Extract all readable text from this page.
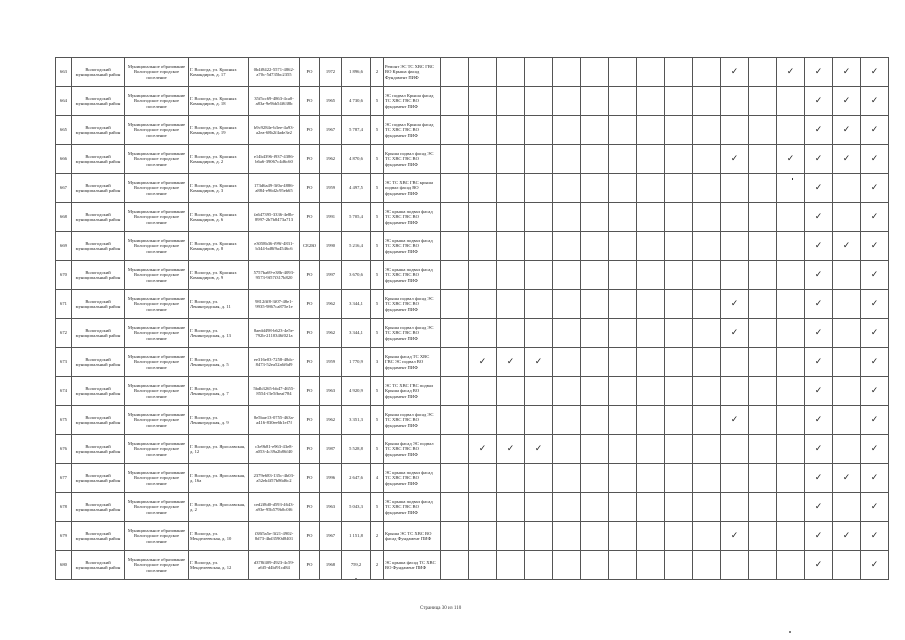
663	Вологодский муниципальный район	Муниципальное образование Вологодское городское поселение	Г. Вологда, ул. Красных Командиров, д. 17	0b4f8422-5571-4862-a70c-5d735bc2355	РО	1972	1 896,6	2	Ремонт ЭС ТС ХВС ГВС ВО Крыша фасад Фундамент ПИФ											✓		✓	✓	✓	✓
664	Вологодский муниципальный район	Муниципальное образование Вологодское городское поселение	Г. Вологда, ул. Красных Командиров, д. 18	35f5cc69-4863-4ca0-a83a-9e9bb54f638b	РО	1965	4 730,6	5	ЭС подвал Крыша фасад ТС ХВС ГВС ВО фундамент ПИФ														✓	✓	✓
665	Вологодский муниципальный район	Муниципальное образование Вологодское городское поселение	Г. Вологда, ул. Красных Командиров, д. 19	b9c9284e-b3ee-4a93-a2ea-68b2f4ade3e2	РО	1967	5 787,4	5	ЭС подвал Крыша фасад ТС ХВС ГВС ВО фундамент ПИФ														✓	✓	✓
666	Вологодский муниципальный район	Муниципальное образование Вологодское городское поселение	Г. Вологда, ул. Красных Командиров, д. 2	e14b4396-f937-4386-b6a6-39067c4d6c60	РО	1962	4 870,6	5	Крыша подвал фасад ЭС ТС ХВС ГВС ВО фундамент ПИФ											✓		✓	✓	✓	✓
667	Вологодский муниципальный район	Муниципальное образование Вологодское городское поселение	Г. Вологда, ул. Красных Командиров, д. 3	173d6a49-3f0a-4886-a884-e96d2c95eb65	РО	1959	4 497,5	5	ЭС ТС ХВС ГВС крыша подвал фасад ВО фундамент ПИФ														✓		✓
668	Вологодский муниципальный район	Муниципальное образование Вологодское городское поселение	Г. Вологда, ул. Красных Командиров, д. 6	fa647395-3336-4e8b-8997-2b7b8473a713	РО	1991	5 705,4	5	ЭС крыша подвал фасад ТС ХВС ГВС ВО фундамент ПИФ														✓		✓
669	Вологодский муниципальный район	Муниципальное образование Вологодское городское поселение	Г. Вологда, ул. Красных Командиров, д. 8	e3058b36-f99f-4831-b344-bd8f9a4546c6	СЕ2Ю	1990	5 216,4	5	ЭС крыша подвал фасад ТС ХВС ГВС ВО фундамент ПИФ														✓	✓	✓
670	Вологодский муниципальный район	Муниципальное образование Вологодское городское поселение	Г. Вологда, ул. Красных Командиров, д. 9	5757ba69-e38b-4093-9573-9f57f317b820	РО	1997	3 670,6	5	ЭС крыша подвал фасад ТС ХВС ГВС ВО фундамент ПИФ														✓		✓
671	Вологодский муниципальный район	Муниципальное образование Вологодское городское поселение	Г. Вологда, ул. Ленинградская, д. 11	9812fff8-3f07-48e1-9935-9867ca875e1e	РО	1962	3 344,1	5	Крыша подвал фасад ЭС ТС ХВС ГВС ВО фундамент ПИФ											✓			✓		✓
672	Вологодский муниципальный район	Муниципальное образование Вологодское городское поселение	Г. Вологда, ул. Ленинградская, д. 13	8aedd498-b623-4e5e-792b-2110346f021a	РО	1962	3 344,1	5	Крыша подвал фасад ЭС ТС ХВС ГВС ВО фундамент ПИФ											✓			✓		✓
673	Вологодский муниципальный район	Муниципальное образование Вологодское городское поселение	Г. Вологда, ул. Ленинградская, д. 5	ee316e03-7258-48dc-8473-52ea52a6f6d9	РО	1959	1 770,9	3	Крыша фасад ТС ХВС ГВС ЭС подвал ВО фундамент ПИФ		✓	✓	✓										✓		✓
674	Вологодский муниципальный район	Муниципальное образование Вологодское городское поселение	Г. Вологда, ул. Ленинградская, д. 7	5bdb3265-bb47-4655-8554-f3e5fbeaf784	РО	1963	4 920,9	5	ЭС ТС ХВС ГВС подвал Крыша фасад ВО фундамент ПИФ														✓		✓
675	Вологодский муниципальный район	Муниципальное образование Вологодское городское поселение	Г. Вологда, ул. Ленинградская, д. 9	8e5bae13-0755-463a-a416-830ee6b1ef7f	РО	1962	3 351,3	5	Крыша подвал фасад ЭС ТС ХВС ГВС ВО фундамент ПИФ											✓			✓		✓
676	Вологодский муниципальный район	Муниципальное образование Вологодское городское поселение	Г. Вологда, ул. Ярославская, д. 12	c3e9b81-e963-43e8-a053-4c39a2b86f40	РО	1987	5 528,8	5	Крыша фасад ЭС подвал ТС ХВС ГВС ВО фундамент ПИФ		✓	✓	✓										✓		✓
677	Вологодский муниципальный район	Муниципальное образование Вологодское городское поселение	Г. Вологда, ул. Ярославская, д. 16а	2379e683-135c-4b03-a52eb4f57b86d6c2	РО	1996	2 647,6	4	ЭС крыша подвал фасад ТС ХВС ГВС ВО фундамент ПИФ														✓	✓	✓
678	Вологодский муниципальный район	Муниципальное образование Вологодское городское поселение	Г. Вологда, ул. Ярославская, д. 2	ced2f8d0-d593-4643-a93e-95b579b0c0f6	РО	1963	5 043,3	5	ЭС крыша подвал фасад ТС ХВС ГВС ВО фундамент ПИФ														✓		✓
679	Вологодский муниципальный район	Муниципальное образование Вологодское городское поселение	Г. Вологда, ул. Менделеевская, д. 10	f38f5a5e-3f21-4902-8d73-4bd3590d8401	РО	1967	1 151,8	2	Крыша ЭС ТС ХВС ВО фасад Фундамент ПИФ											✓			✓	✓	✓
680	Вологодский муниципальный район	Муниципальное образование Вологодское городское поселение	Г. Вологда, ул. Менделеевская, д. 12	d378f409-4923-4c59-a6f5-d4bf91cd84	РО	1968	759,2	2	ЭС крыша фасад ТС ХВС ВО Фундамент ПИФ														✓		✓
Страница 30 из 110
